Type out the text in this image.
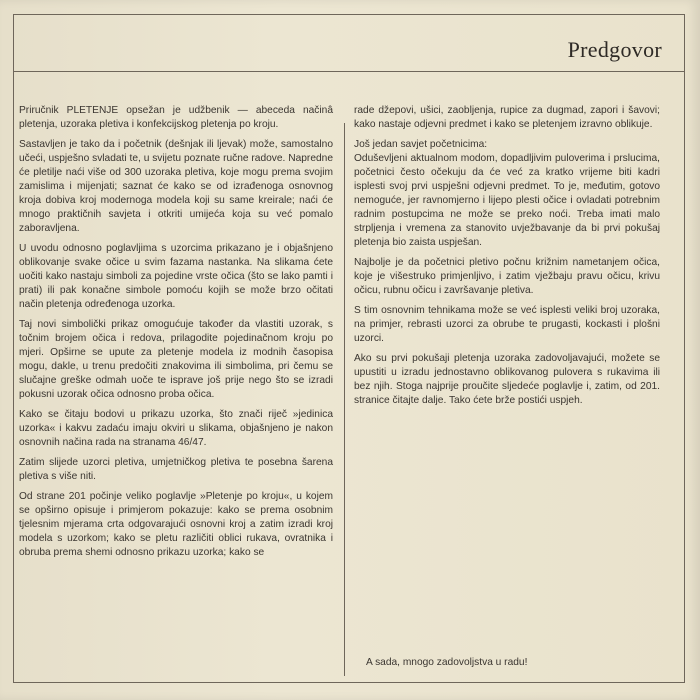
Predgovor

Priručnik PLETENJE opsežan je udžbenik — abeceda načinâ pletenja, uzoraka pletiva i konfekcijskog pletenja po kroju.

Sastavljen je tako da i početnik (dešnjak ili ljevak) može, samostalno učeći, uspješno svladati te, u svijetu poznate ručne radove. Napredne će pletilje naći više od 300 uzoraka pletiva, koje mogu prema svojim zamislima i mijenjati; saznat će kako se od izrađenoga osnovnog kroja dobiva kroj modernoga modela koji su same kreirale; naći će mnogo praktičnih savjeta i otkriti umijeća koja su već pomalo zaboravljena.

U uvodu odnosno poglavljima s uzorcima prikazano je i objašnjeno oblikovanje svake očice u svim fazama nastanka. Na slikama ćete uočiti kako nastaju simboli za pojedine vrste očica (što se lako pamti i prati) ili pak konačne simbole pomoću kojih se može brzo očitati način pletenja određenoga uzorka.

Taj novi simbolički prikaz omogućuje također da vlastiti uzorak, s točnim brojem očica i redova, prilagodite pojedinačnom kroju po mjeri. Opširne se upute za pletenje modela iz modnih časopisa mogu, dakle, u trenu predočiti znakovima ili simbolima, pri čemu se slučajne greške odmah uoče te isprave još prije nego što se izradi pokusni uzorak očica odnosno proba očica.

Kako se čitaju bodovi u prikazu uzorka, što znači riječ »jedinica uzorka« i kakvu zadaću imaju okviri u slikama, objašnjeno je nakon osnovnih načina rada na stranama 46/47.

Zatim slijede uzorci pletiva, umjetničkog pletiva te posebna šarena pletiva s više niti.

Od strane 201 počinje veliko poglavlje »Pletenje po kroju«, u kojem se opširno opisuje i primjerom pokazuje: kako se prema osobnim tjelesnim mjerama crta odgovarajući osnovni kroj a zatim izradi kroj modela s uzorkom; kako se pletu različiti oblici rukava, ovratnika i obruba prema shemi odnosno prikazu uzorka; kako se

rade džepovi, ušici, zaobljenja, rupice za dugmad, zapori i šavovi; kako nastaje odjevni predmet i kako se pletenjem izravno oblikuje.

Još jedan savjet početnicima:

Oduševljeni aktualnom modom, dopadljivim puloverima i prslucima, početnici često očekuju da će već za kratko vrijeme biti kadri isplesti svoj prvi uspješni odjevni predmet. To je, međutim, gotovo nemoguće, jer ravnomjerno i lijepo plesti očice i ovladati potrebnim radnim postupcima ne može se preko noći. Treba imati malo strpljenja i vremena za stanovito uvježbavanje da bi prvi pokušaj pletenja bio zaista uspješan.

Najbolje je da početnici pletivo počnu križnim nametanjem očica, koje je višestruko primjenljivo, i zatim vježbaju pravu očicu, krivu očicu, rubnu očicu i završavanje pletiva.

S tim osnovnim tehnikama može se već isplesti veliki broj uzoraka, na primjer, rebrasti uzorci za obrube te prugasti, kockasti i plošni uzorci.

Ako su prvi pokušaji pletenja uzoraka zadovoljavajući, možete se upustiti u izradu jednostavno oblikovanog pulovera s rukavima ili bez njih. Stoga najprije proučite sljedeće poglavlje i, zatim, od 201. stranice čitajte dalje. Tako ćete brže postići uspjeh.

A sada, mnogo zadovoljstva u radu!
